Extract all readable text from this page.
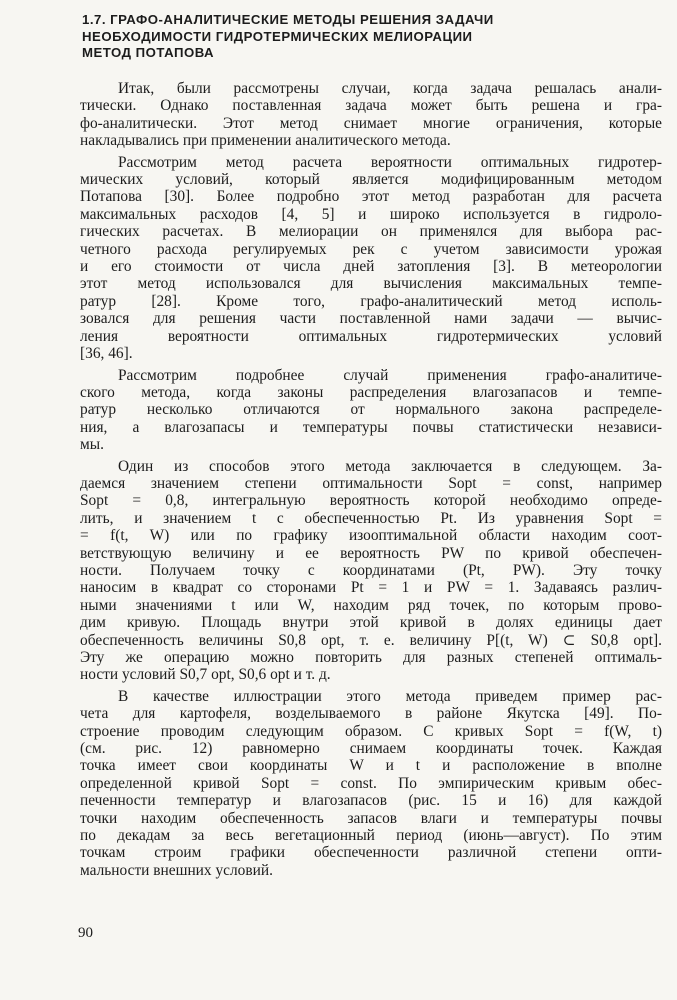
1.7. ГРАФО-АНАЛИТИЧЕСКИЕ МЕТОДЫ РЕШЕНИЯ ЗАДАЧИ
НЕОБХОДИМОСТИ ГИДРОТЕРМИЧЕСКИХ МЕЛИОРАЦИИ
МЕТОД ПОТАПОВА
Итак, были рассмотрены случаи, когда задача решалась анали-
тически. Однако поставленная задача может быть решена и гра-
фо-аналитически. Этот метод снимает многие ограничения, которые
накладывались при применении аналитического метода.
Рассмотрим метод расчета вероятности оптимальных гидротер-
мических условий, который является модифицированным методом
Потапова [30]. Более подробно этот метод разработан для расчета
максимальных расходов [4, 5] и широко используется в гидроло-
гических расчетах. В мелиорации он применялся для выбора рас-
четного расхода регулируемых рек с учетом зависимости урожая
и его стоимости от числа дней затопления [3]. В метеорологии
этот метод использовался для вычисления максимальных темпе-
ратур [28]. Кроме того, графо-аналитический метод исполь-
зовался для решения части поставленной нами задачи — вычис-
ления вероятности оптимальных гидротермических условий
[36, 46].
Рассмотрим подробнее случай применения графо-аналитиче-
ского метода, когда законы распределения влагозапасов и темпе-
ратур несколько отличаются от нормального закона распределе-
ния, а влагозапасы и температуры почвы статистически независи-
мы.
Один из способов этого метода заключается в следующем. За-
даемся значением степени оптимальности Sopt = const, например
Sopt = 0,8, интегральную вероятность которой необходимо опреде-
лить, и значением t с обеспеченностью Pt. Из уравнения Sopt =
= f(t, W) или по графику изооптимальной области находим соот-
ветствующую величину и ее вероятность PW по кривой обеспечен-
ности. Получаем точку с координатами (Pt, PW). Эту точку
наносим в квадрат со сторонами Pt = 1 и PW = 1. Задаваясь различ-
ными значениями t или W, находим ряд точек, по которым прово-
дим кривую. Площадь внутри этой кривой в долях единицы дает
обеспеченность величины S0,8 opt, т. е. величину P[(t, W) ⊂ S0,8 opt].
Эту же операцию можно повторить для разных степеней оптималь-
ности условий S0,7 opt, S0,6 opt и т. д.
В качестве иллюстрации этого метода приведем пример рас-
чета для картофеля, возделываемого в районе Якутска [49]. По-
строение проводим следующим образом. С кривых Sopt = f(W, t)
(см. рис. 12) равномерно снимаем координаты точек. Каждая
точка имеет свои координаты W и t и расположение в вполне
определенной кривой Sopt = const. По эмпирическим кривым обес-
печенности температур и влагозапасов (рис. 15 и 16) для каждой
точки находим обеспеченность запасов влаги и температуры почвы
по декадам за весь вегетационный период (июнь—август). По этим
точкам строим графики обеспеченности различной степени опти-
мальности внешних условий.
90
